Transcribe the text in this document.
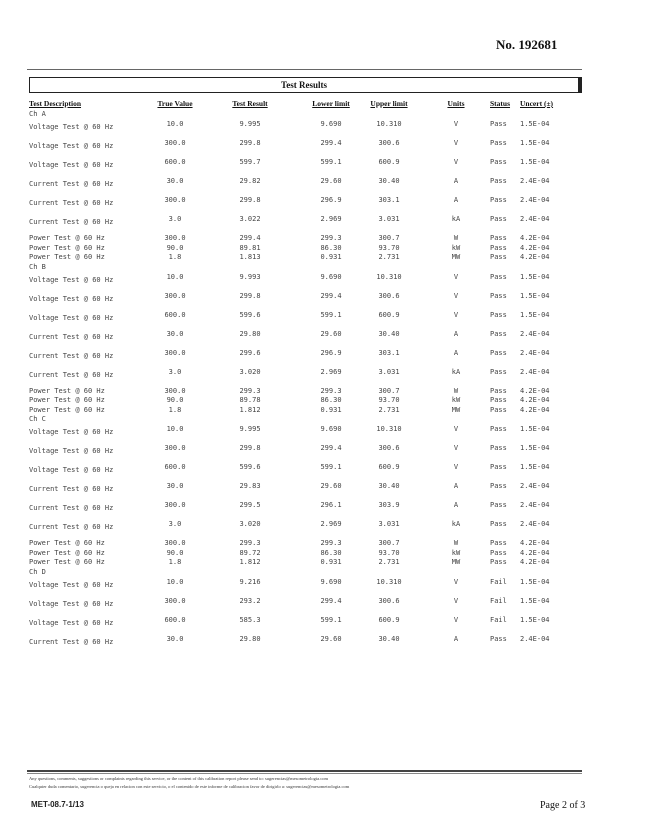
No. 192681
Test Results
Test Description	True Value	Test Result	Lower limit	Upper limit	Units	Status Uncert (±)
Ch A
Voltage Test @ 60 Hz	10.0	9.995	9.690	10.310	V	Pass 1.5E-04
Voltage Test @ 60 Hz	300.0	299.8	299.4	300.6	V	Pass 1.5E-04
Voltage Test @ 60 Hz	600.0	599.7	599.1	600.9	V	Pass 1.5E-04
Current Test @ 60 Hz	30.0	29.82	29.60	30.40	A	Pass 2.4E-04
Current Test @ 60 Hz	300.0	299.8	296.9	303.1	A	Pass 2.4E-04
Current Test @ 60 Hz	3.0	3.022	2.969	3.031	kA	Pass 2.4E-04
Power Test @ 60 Hz	300.0	299.4	299.3	300.7	W	Pass 4.2E-04
Power Test @ 60 Hz	90.0	89.81	86.30	93.70	kW	Pass 4.2E-04
Power Test @ 60 Hz	1.8	1.813	0.931	2.731	MW	Pass 4.2E-04
Ch B
Voltage Test @ 60 Hz	10.0	9.993	9.690	10.310	V	Pass 1.5E-04
Voltage Test @ 60 Hz	300.0	299.8	299.4	300.6	V	Pass 1.5E-04
Voltage Test @ 60 Hz	600.0	599.6	599.1	600.9	V	Pass 1.5E-04
Current Test @ 60 Hz	30.0	29.80	29.60	30.40	A	Pass 2.4E-04
Current Test @ 60 Hz	300.0	299.6	296.9	303.1	A	Pass 2.4E-04
Current Test @ 60 Hz	3.0	3.020	2.969	3.031	kA	Pass 2.4E-04
Power Test @ 60 Hz	300.0	299.3	299.3	300.7	W	Pass 4.2E-04
Power Test @ 60 Hz	90.0	89.78	86.30	93.70	kW	Pass 4.2E-04
Power Test @ 60 Hz	1.8	1.812	0.931	2.731	MW	Pass 4.2E-04
Ch C
Voltage Test @ 60 Hz	10.0	9.995	9.690	10.310	V	Pass 1.5E-04
Voltage Test @ 60 Hz	300.0	299.8	299.4	300.6	V	Pass 1.5E-04
Voltage Test @ 60 Hz	600.0	599.6	599.1	600.9	V	Pass 1.5E-04
Current Test @ 60 Hz	30.0	29.83	29.60	30.40	A	Pass 2.4E-04
Current Test @ 60 Hz	300.0	299.5	296.1	303.9	A	Pass 2.4E-04
Current Test @ 60 Hz	3.0	3.020	2.969	3.031	kA	Pass 2.4E-04
Power Test @ 60 Hz	300.0	299.3	299.3	300.7	W	Pass 4.2E-04
Power Test @ 60 Hz	90.0	89.72	86.30	93.70	kW	Pass 4.2E-04
Power Test @ 60 Hz	1.8	1.812	0.931	2.731	MW	Pass 4.2E-04
Ch D
Voltage Test @ 60 Hz	10.0	9.216	9.690	10.310	V	Fail 1.5E-04
Voltage Test @ 60 Hz	300.0	293.2	299.4	300.6	V	Fail 1.5E-04
Voltage Test @ 60 Hz	600.0	585.3	599.1	600.9	V	Fail 1.5E-04
Current Test @ 60 Hz	30.0	29.80	29.60	30.40	A	Pass 2.4E-04
Any questions, comments, suggestions or complaints regarding this service, or the content of this calibration report please send to: sugerencias@mesometrologia.com
Cualquier duda comentario, sugerencia o queja en relacion con este servicio, o el contenido de este informe de calibracion favor de dirigirlo a: sugerencias@mesometrologia.com
MET-08.7-1/13	Page 2 of 3
